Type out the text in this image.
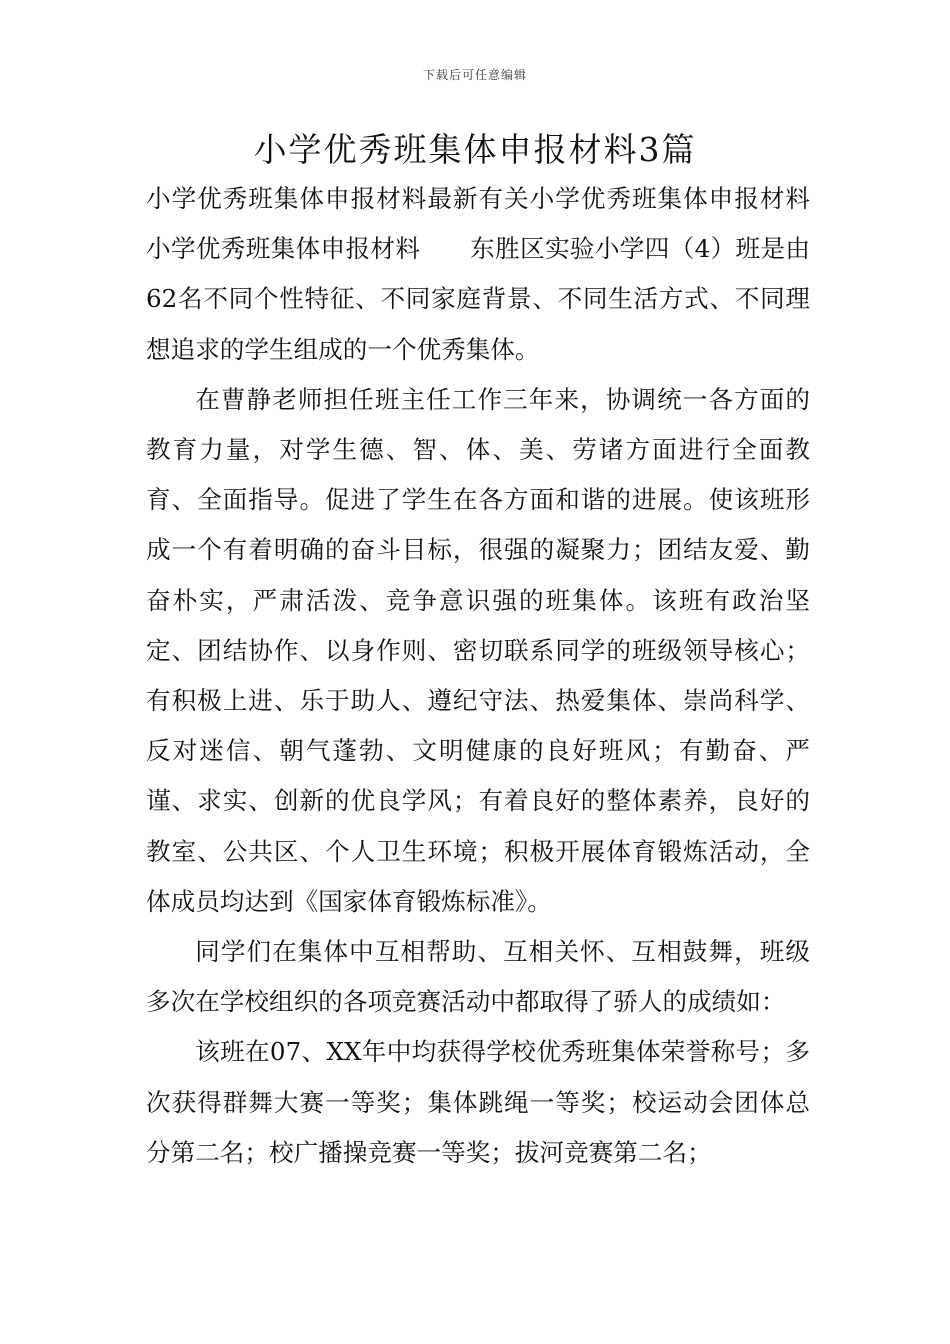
下载后可任意编辑
小学优秀班集体申报材料3篇

小学优秀班集体申报材料最新有关小学优秀班集体申报材料小学优秀班集体申报材料　　东胜区实验小学四（4）班是由62名不同个性特征、不同家庭背景、不同生活方式、不同理想追求的学生组成的一个优秀集体。

在曹静老师担任班主任工作三年来，协调统一各方面的教育力量，对学生德、智、体、美、劳诸方面进行全面教育、全面指导。促进了学生在各方面和谐的进展。使该班形成一个有着明确的奋斗目标，很强的凝聚力；团结友爱、勤奋朴实，严肃活泼、竞争意识强的班集体。该班有政治坚定、团结协作、以身作则、密切联系同学的班级领导核心；有积极上进、乐于助人、遵纪守法、热爱集体、崇尚科学、反对迷信、朝气蓬勃、文明健康的良好班风；有勤奋、严谨、求实、创新的优良学风；有着良好的整体素养，良好的教室、公共区、个人卫生环境；积极开展体育锻炼活动，全体成员均达到《国家体育锻炼标准》。

同学们在集体中互相帮助、互相关怀、互相鼓舞，班级多次在学校组织的各项竞赛活动中都取得了骄人的成绩如：

该班在07、XX年中均获得学校优秀班集体荣誉称号；多次获得群舞大赛一等奖；集体跳绳一等奖；校运动会团体总分第二名；校广播操竞赛一等奖；拔河竞赛第二名；
